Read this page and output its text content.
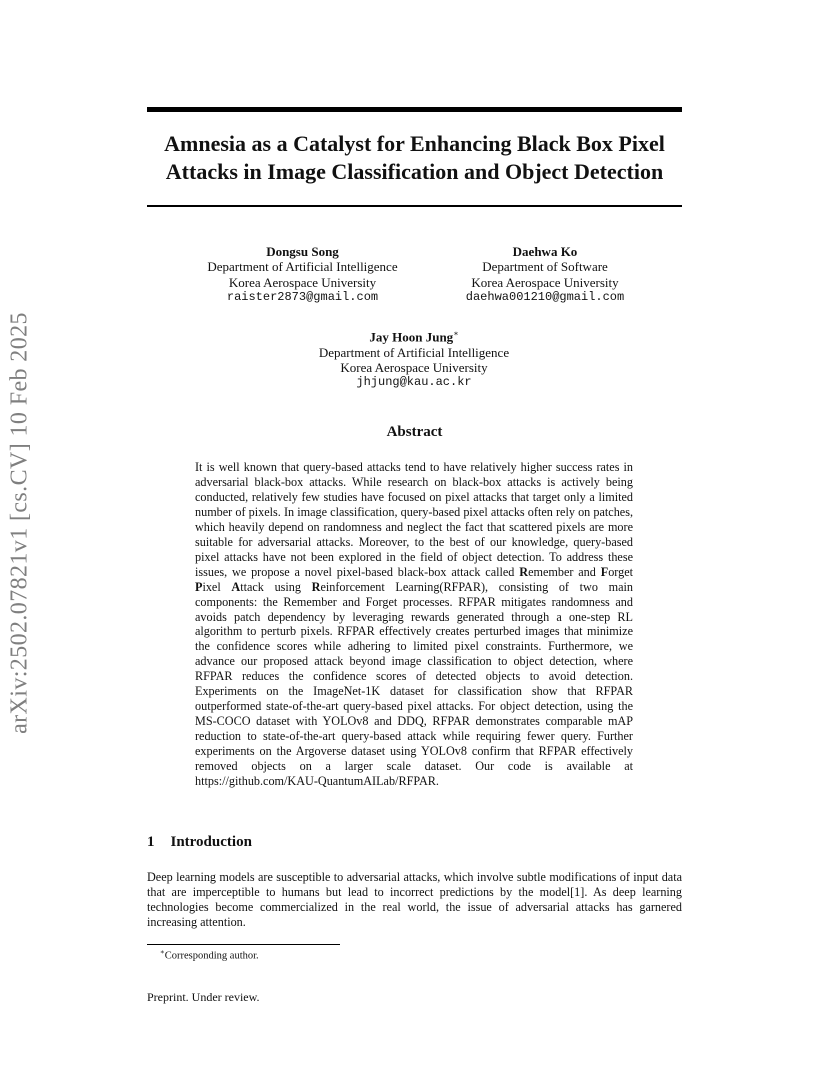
arXiv:2502.07821v1 [cs.CV] 10 Feb 2025
Amnesia as a Catalyst for Enhancing Black Box Pixel
Attacks in Image Classification and Object Detection
Dongsu Song
Department of Artificial Intelligence
Korea Aerospace University
raister2873@gmail.com
Daehwa Ko
Department of Software
Korea Aerospace University
daehwa001210@gmail.com
Jay Hoon Jung∗
Department of Artificial Intelligence
Korea Aerospace University
jhjung@kau.ac.kr
Abstract

It is well known that query-based attacks tend to have relatively higher success rates in adversarial black-box attacks. While research on black-box attacks is actively being conducted, relatively few studies have focused on pixel attacks that target only a limited number of pixels. In image classification, query-based pixel attacks often rely on patches, which heavily depend on randomness and neglect the fact that scattered pixels are more suitable for adversarial attacks. Moreover, to the best of our knowledge, query-based pixel attacks have not been explored in the field of object detection. To address these issues, we propose a novel pixel-based black-box attack called Remember and Forget Pixel Attack using Reinforcement Learning(RFPAR), consisting of two main components: the Remember and Forget processes. RFPAR mitigates randomness and avoids patch dependency by leveraging rewards generated through a one-step RL algorithm to perturb pixels. RFPAR effectively creates perturbed images that minimize the confidence scores while adhering to limited pixel constraints. Furthermore, we advance our proposed attack beyond image classification to object detection, where RFPAR reduces the confidence scores of detected objects to avoid detection. Experiments on the ImageNet-1K dataset for classification show that RFPAR outperformed state-of-the-art query-based pixel attacks. For object detection, using the MS-COCO dataset with YOLOv8 and DDQ, RFPAR demonstrates comparable mAP reduction to state-of-the-art query-based attack while requiring fewer query. Further experiments on the Argoverse dataset using YOLOv8 confirm that RFPAR effectively removed objects on a larger scale dataset. Our code is available at https://github.com/KAU-QuantumAILab/RFPAR.

1 Introduction

Deep learning models are susceptible to adversarial attacks, which involve subtle modifications of input data that are imperceptible to humans but lead to incorrect predictions by the model[1]. As deep learning technologies become commercialized in the real world, the issue of adversarial attacks has garnered increasing attention.

∗Corresponding author.

Preprint. Under review.
